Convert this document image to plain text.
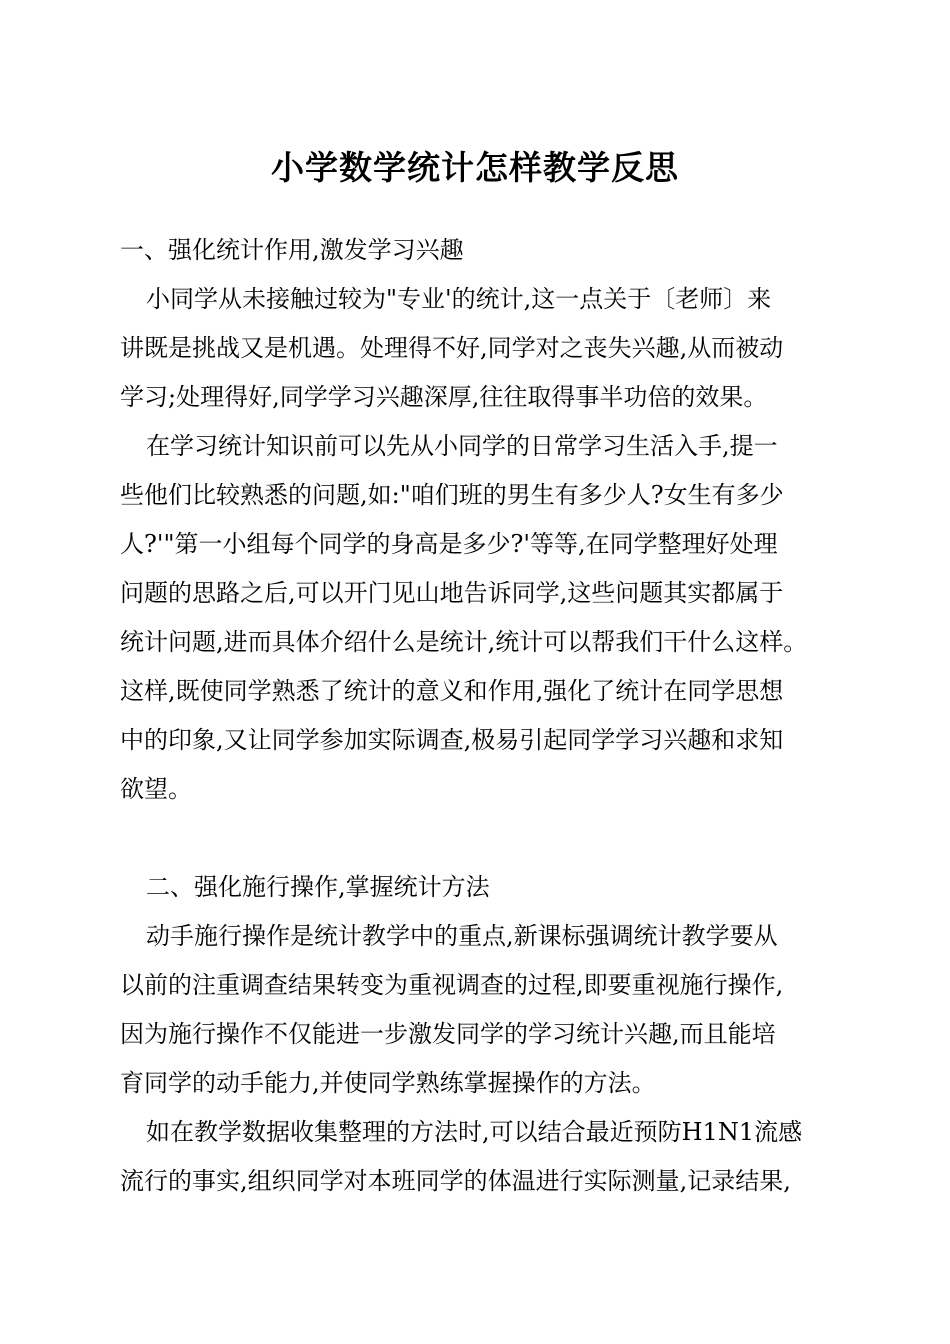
小学数学统计怎样教学反思

一、强化统计作用,激发学习兴趣

小同学从未接触过较为"专业'的统计,这一点关于〔老师〕来

讲既是挑战又是机遇。处理得不好,同学对之丧失兴趣,从而被动

学习;处理得好,同学学习兴趣深厚,往往取得事半功倍的效果。

在学习统计知识前可以先从小同学的日常学习生活入手,提一

些他们比较熟悉的问题,如:"咱们班的男生有多少人?女生有多少

人?'"第一小组每个同学的身高是多少?'等等,在同学整理好处理

问题的思路之后,可以开门见山地告诉同学,这些问题其实都属于

统计问题,进而具体介绍什么是统计,统计可以帮我们干什么这样。

这样,既使同学熟悉了统计的意义和作用,强化了统计在同学思想

中的印象,又让同学参加实际调查,极易引起同学学习兴趣和求知

欲望。

二、强化施行操作,掌握统计方法

动手施行操作是统计教学中的重点,新课标强调统计教学要从

以前的注重调查结果转变为重视调查的过程,即要重视施行操作,

因为施行操作不仅能进一步激发同学的学习统计兴趣,而且能培

育同学的动手能力,并使同学熟练掌握操作的方法。

如在教学数据收集整理的方法时,可以结合最近预防H1N1流感

流行的事实,组织同学对本班同学的体温进行实际测量,记录结果,
